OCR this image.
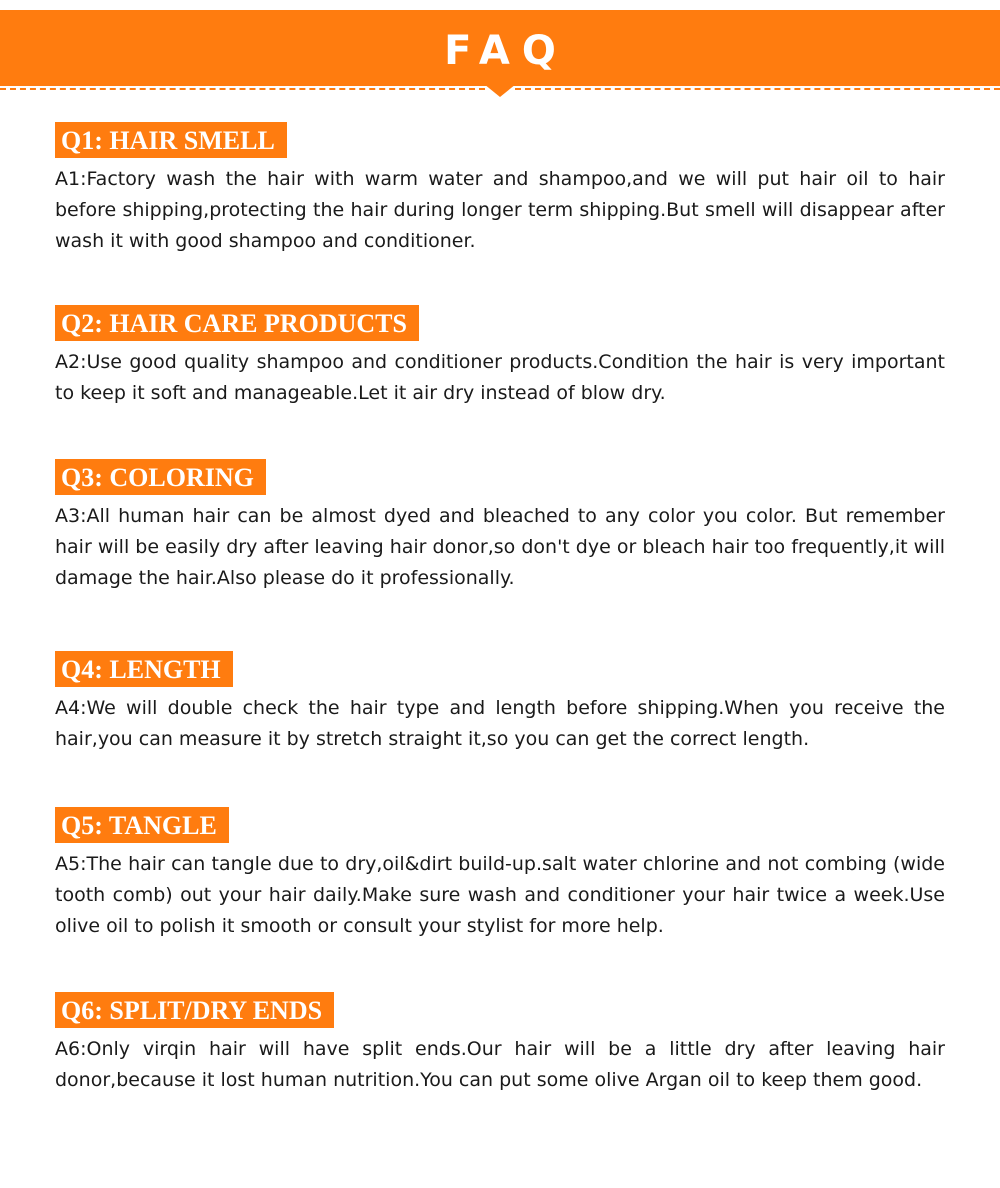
FAQ
Q1: HAIR SMELL

A1:Factory wash the hair with warm water and shampoo,and we will put hair oil to hair before shipping,protecting the hair during longer term shipping.But smell will disappear after wash it with good shampoo and conditioner.

Q2: HAIR CARE PRODUCTS

A2:Use good quality shampoo and conditioner products.Condition the hair is very important to keep it soft and manageable.Let it air dry instead of blow dry.

Q3: COLORING

A3:All human hair can be almost dyed and bleached to any color you color. But remember hair will be easily dry after leaving hair donor,so don't dye or bleach hair too frequently,it will damage the hair.Also please do it professionally.

Q4: LENGTH

A4:We will double check the hair type and length before shipping.When you receive the hair,you can measure it by stretch straight it,so you can get the correct length.

Q5: TANGLE

A5:The hair can tangle due to dry,oil&dirt build-up.salt water chlorine and not combing (wide tooth comb) out your hair daily.Make sure wash and conditioner your hair twice a week.Use olive oil to polish it smooth or consult your stylist for more help.

Q6: SPLIT/DRY ENDS

A6:Only virqin hair will have split ends.Our hair will be a little dry after leaving hair donor,because it lost human nutrition.You can put some olive Argan oil to keep them good.
